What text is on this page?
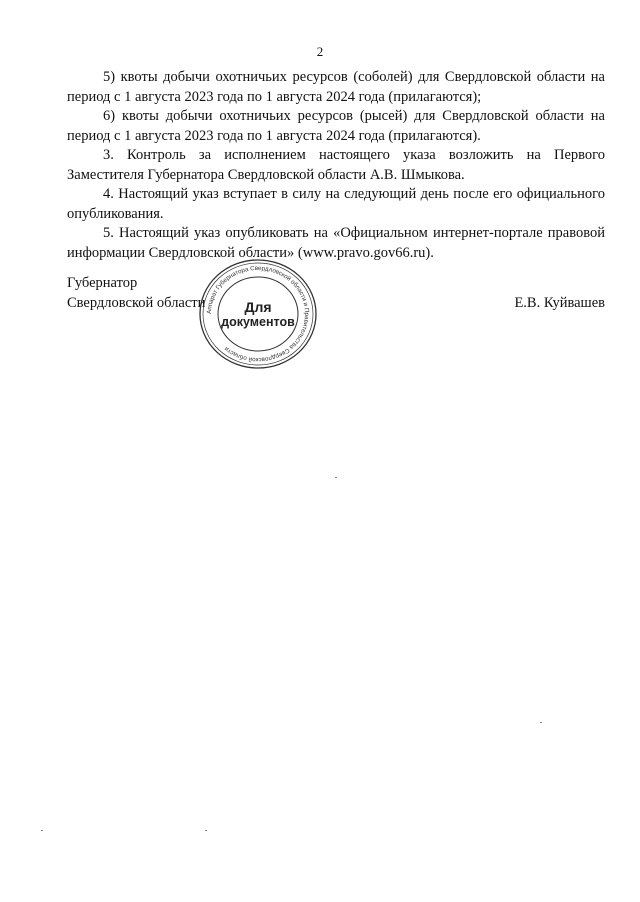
2

5) квоты добычи охотничьих ресурсов (соболей) для Свердловской области на период с 1 августа 2023 года по 1 августа 2024 года (прилагаются);

6) квоты добычи охотничьих ресурсов (рысей) для Свердловской области на период с 1 августа 2023 года по 1 августа 2024 года (прилагаются).

3. Контроль за исполнением настоящего указа возложить на Первого Заместителя Губернатора Свердловской области А.В. Шмыкова.

4. Настоящий указ вступает в силу на следующий день после его официального опубликования.

5. Настоящий указ опубликовать на «Официальном интернет-портале правовой информации Свердловской области» (www.pravo.gov66.ru).

Губернатор
Свердловской области	Е.В. Куйвашев
Аппарат Губернатора Свердловской области и Правительства Свердловской области
Для
документов
